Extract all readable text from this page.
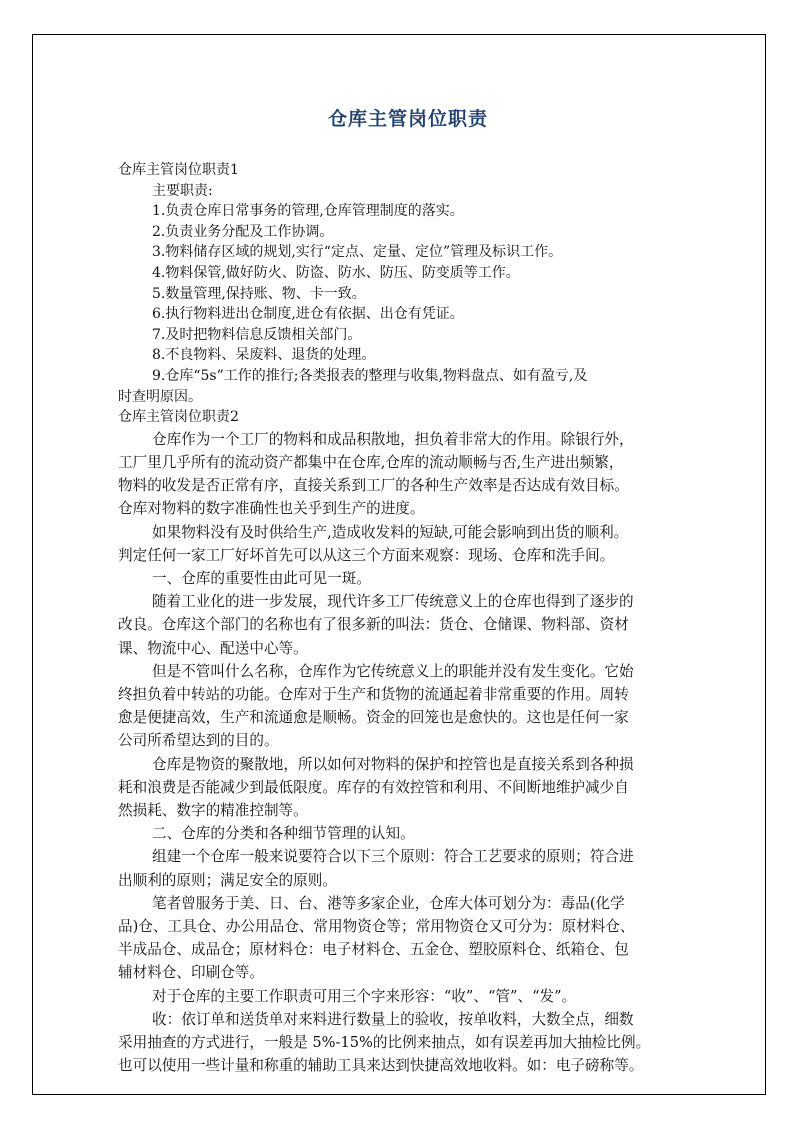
仓库主管岗位职责

仓库主管岗位职责1

主要职责:

1.负责仓库日常事务的管理,仓库管理制度的落实。

2.负责业务分配及工作协调。

3.物料储存区域的规划,实行“定点、定量、定位”管理及标识工作。

4.物料保管,做好防火、防盗、防水、防压、防变质等工作。

5.数量管理,保持账、物、卡一致。

6.执行物料进出仓制度,进仓有依据、出仓有凭证。

7.及时把物料信息反馈相关部门。

8.不良物料、呆废料、退货的处理。

9.仓库“5s”工作的推行;各类报表的整理与收集,物料盘点、如有盈亏,及

时查明原因。

仓库主管岗位职责2

仓库作为一个工厂的物料和成品积散地，担负着非常大的作用。除银行外，

工厂里几乎所有的流动资产都集中在仓库,仓库的流动顺畅与否,生产进出频繁，

物料的收发是否正常有序，直接关系到工厂的各种生产效率是否达成有效目标。

仓库对物料的数字准确性也关乎到生产的进度。

如果物料没有及时供给生产,造成收发料的短缺,可能会影响到出货的顺利。

判定任何一家工厂好坏首先可以从这三个方面来观察：现场、仓库和洗手间。

一、仓库的重要性由此可见一斑。

随着工业化的进一步发展，现代许多工厂传统意义上的仓库也得到了逐步的

改良。仓库这个部门的名称也有了很多新的叫法：货仓、仓储课、物料部、资材

课、物流中心、配送中心等。

但是不管叫什么名称，仓库作为它传统意义上的职能并没有发生变化。它始

终担负着中转站的功能。仓库对于生产和货物的流通起着非常重要的作用。周转

愈是便捷高效，生产和流通愈是顺畅。资金的回笼也是愈快的。这也是任何一家

公司所希望达到的目的。

仓库是物资的聚散地，所以如何对物料的保护和控管也是直接关系到各种损

耗和浪费是否能减少到最低限度。库存的有效控管和利用、不间断地维护减少自

然损耗、数字的精准控制等。

二、仓库的分类和各种细节管理的认知。

组建一个仓库一般来说要符合以下三个原则：符合工艺要求的原则；符合进

出顺利的原则；满足安全的原则。

笔者曾服务于美、日、台、港等多家企业，仓库大体可划分为：毒品(化学

品)仓、工具仓、办公用品仓、常用物资仓等；常用物资仓又可分为：原材料仓、

半成品仓、成品仓；原材料仓：电子材料仓、五金仓、塑胶原料仓、纸箱仓、包

辅材料仓、印刷仓等。

对于仓库的主要工作职责可用三个字来形容：“收”、“管”、“发”。

收：依订单和送货单对来料进行数量上的验收，按单收料，大数全点，细数

采用抽查的方式进行，一般是 5%-15%的比例来抽点，如有误差再加大抽检比例。

也可以使用一些计量和称重的辅助工具来达到快捷高效地收料。如：电子磅称等。
